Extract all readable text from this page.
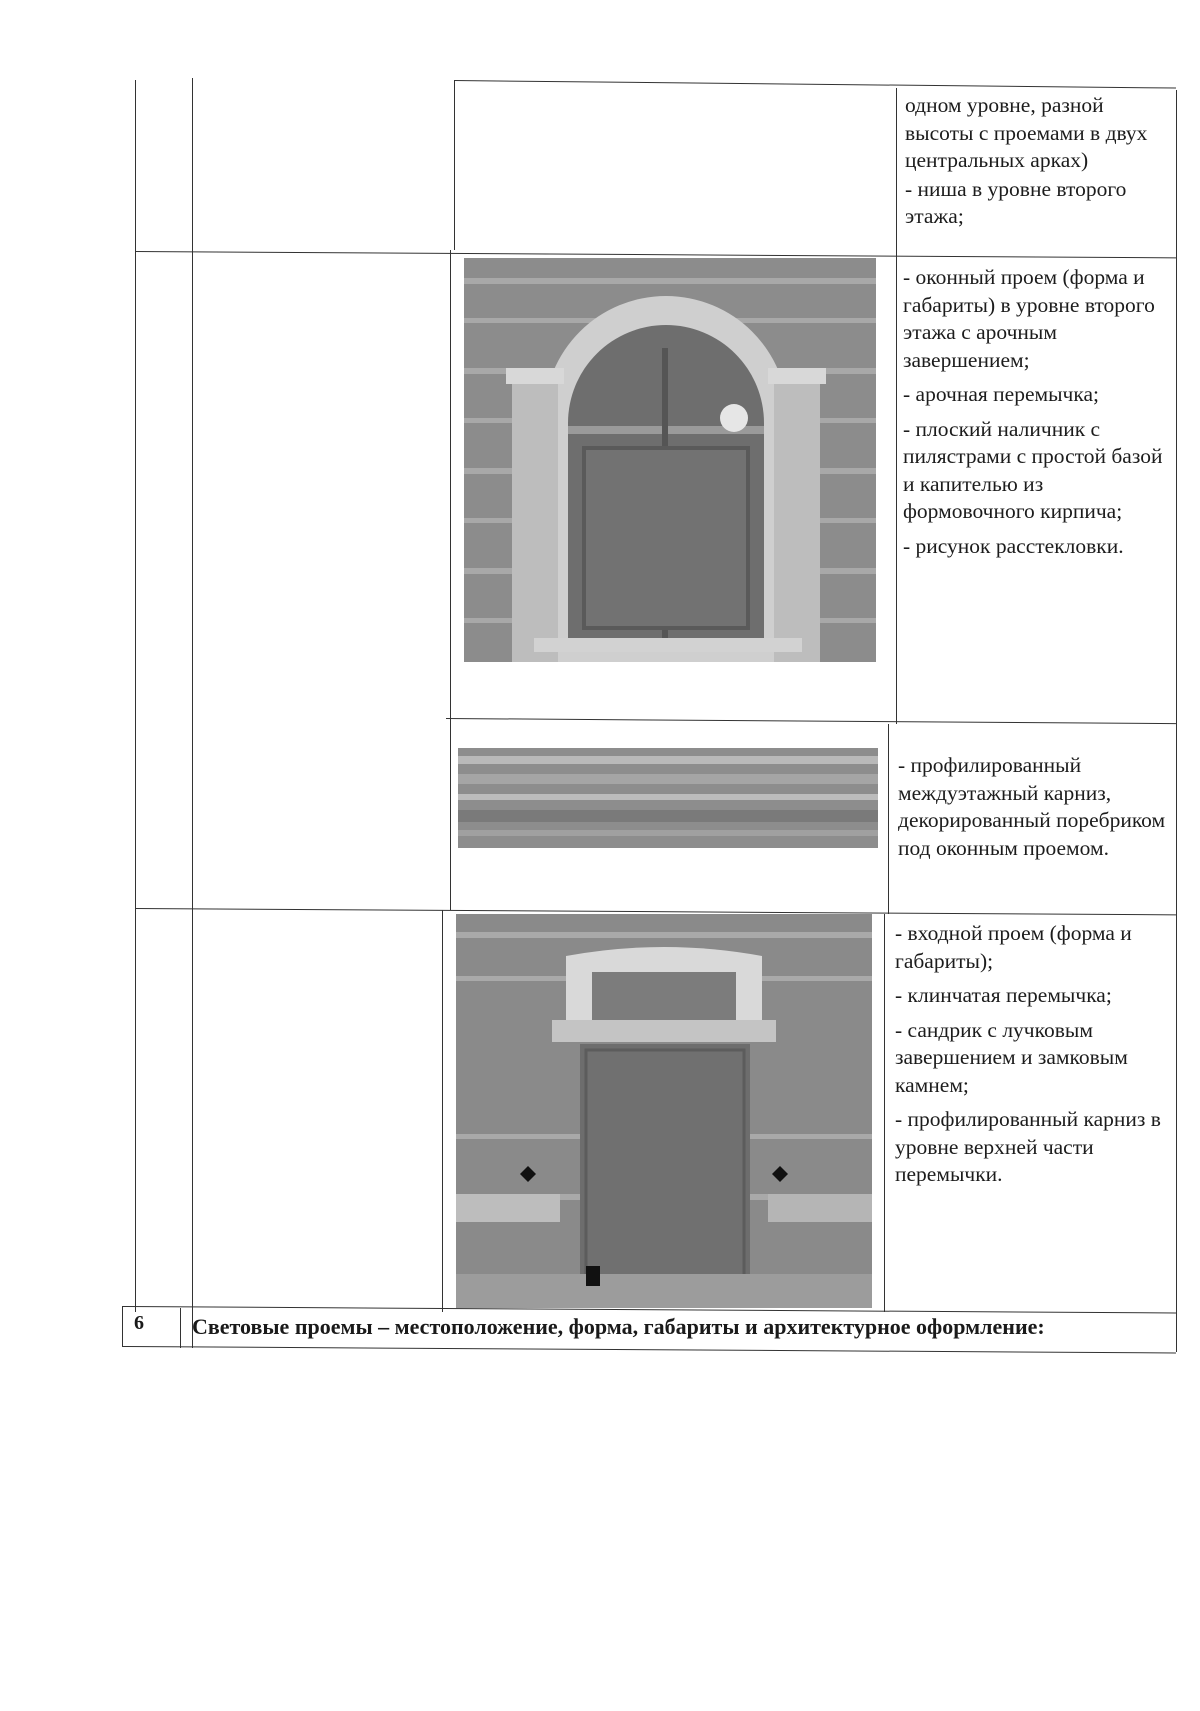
одном уровне, разной высоты с проемами в двух центральных арках)

- ниша в уровне второго этажа;

- оконный проем (форма и габариты) в уровне второго этажа с арочным завершением;

- арочная перемычка;

- плоский наличник с пилястрами с простой базой и капителью из формовочного кирпича;

- рисунок расстекловки.

- профилированный междуэтажный карниз, декорированный поребриком под оконным проемом.

- входной проем (форма и габариты);

- клинчатая перемычка;

- сандрик с лучковым завершением и замковым камнем;

- профилированный карниз в уровне верхней части перемычки.

6 Световые проемы – местоположение, форма, габариты и архитектурное оформление:
